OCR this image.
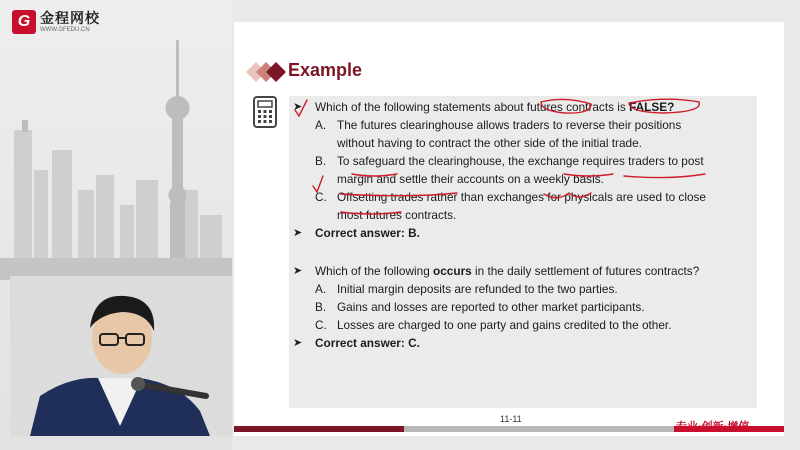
G 金程网校
WWW.GFEDU.CN
Example
➤	Which of the following statements about futures contracts is FALSE?
A. The futures clearinghouse allows traders to reverse their positions
without having to contract the other side of the initial trade.
B. To safeguard the clearinghouse, the exchange requires traders to post
margin and settle their accounts on a weekly basis.
C. Offsetting trades rather than exchanges for physicals are used to close
most futures contracts.
➤	Correct answer: B.
➤	Which of the following occurs in the daily settlement of futures contracts?
A. Initial margin deposits are refunded to the two parties.
B. Gains and losses are reported to other market participants.
C. Losses are charged to one party and gains credited to the other.
➤	Correct answer: C.
11-11
专业·创新·增值
